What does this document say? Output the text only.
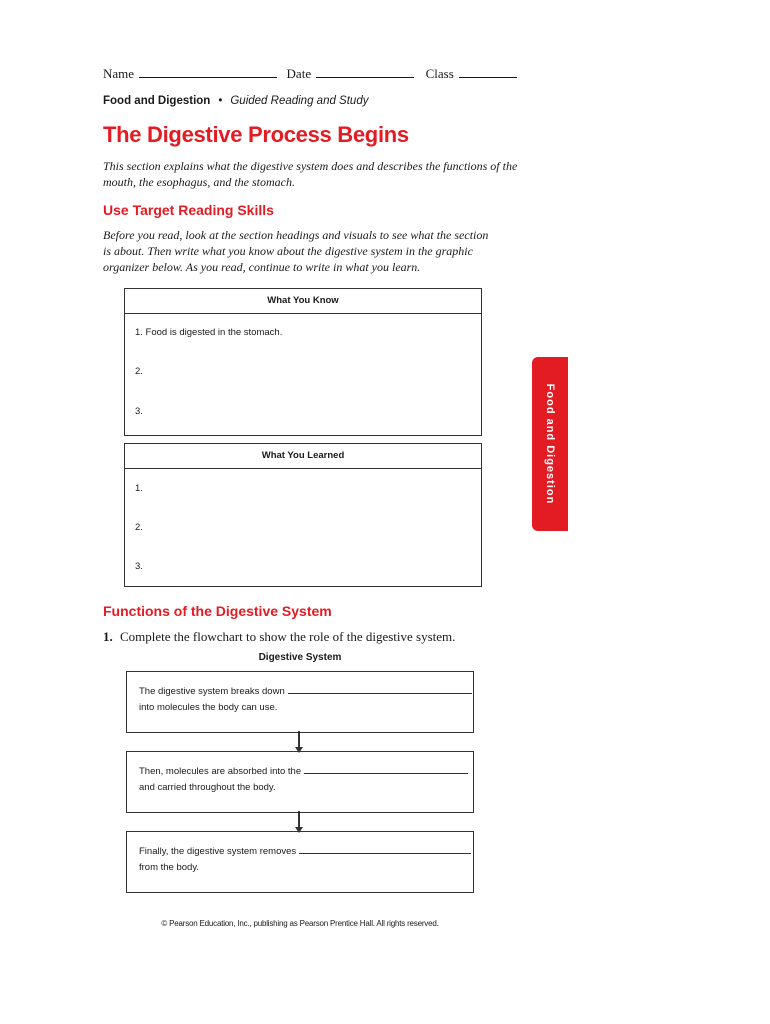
Name	Date	Class
Food and Digestion • Guided Reading and Study
The Digestive Process Begins
This section explains what the digestive system does and describes the functions of the mouth, the esophagus, and the stomach.
Use Target Reading Skills
Before you read, look at the section headings and visuals to see what the section is about. Then write what you know about the digestive system in the graphic organizer below. As you read, continue to write in what you learn.
What You Know
1. Food is digested in the stomach.
2.
3.
What You Learned
1.
2.
3.
Food and Digestion
Functions of the Digestive System
1. Complete the flowchart to show the role of the digestive system.
Digestive System
The digestive system breaks down
into molecules the body can use.
Then, molecules are absorbed into the
and carried throughout the body.
Finally, the digestive system removes
from the body.
© Pearson Education, Inc., publishing as Pearson Prentice Hall. All rights reserved.
